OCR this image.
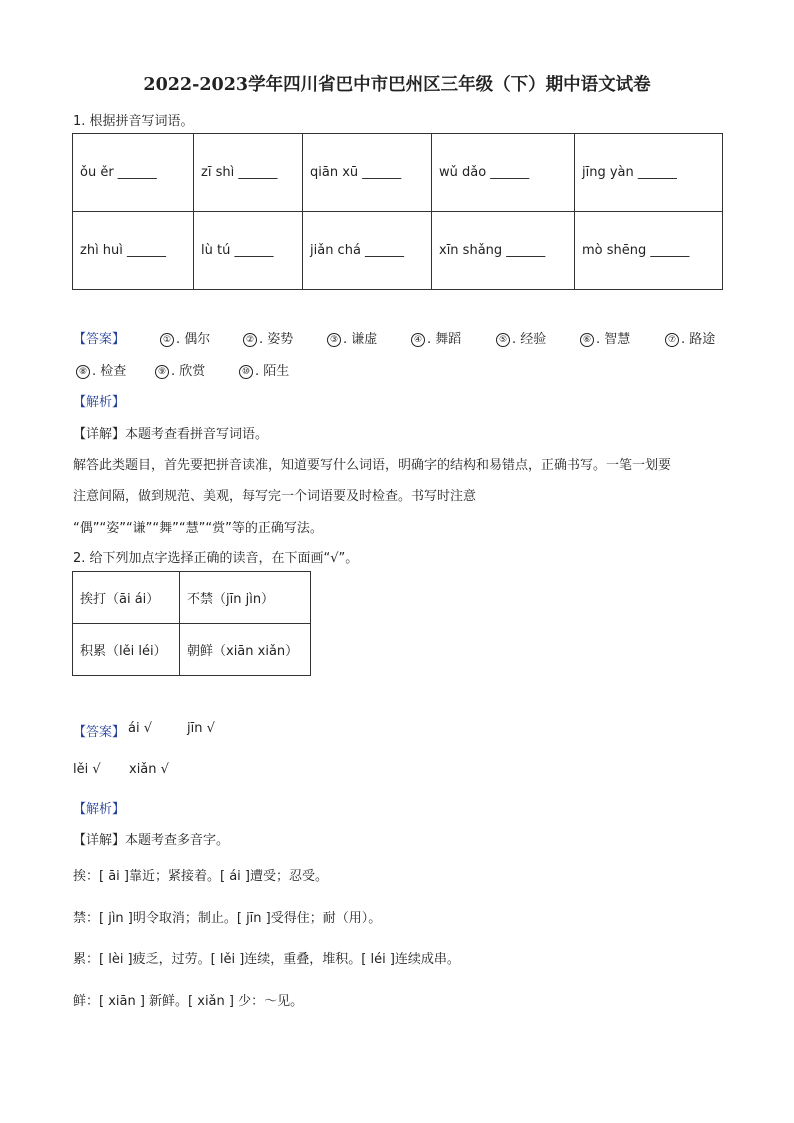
2022-2023学年四川省巴中市巴州区三年级（下）期中语文试卷
1. 根据拼音写词语。
ǒu ěr ______	zī shì ______	qiān xū ______	wǔ dǎo ______	jīng yàn ______
zhì huì ______	lù tú ______	jiǎn chá ______	xīn shǎng ______	mò shēng ______
【答案】	① . 偶尔	② . 姿势	③ . 谦虚	④ . 舞蹈	⑤ . 经验	⑥ . 智慧	⑦ . 路途
⑧ . 检查	⑨ . 欣赏	⑩ . 陌生
【解析】
【详解】本题考查看拼音写词语。
解答此类题目，首先要把拼音读准，知道要写什么词语，明确字的结构和易错点，正确书写。一笔一划要
注意间隔，做到规范、美观，每写完一个词语要及时检查。书写时注意
“偶”“姿”“谦”“舞”“慧”“赏”等的正确写法。
2. 给下列加点字选择正确的读音，在下面画“√”。
挨打（āi ái）	不禁（jīn jìn）
积累（lěi léi）	朝鲜（xiān xiǎn）
【答案】 ái √	jīn √
lěi √ xiǎn √
【解析】
【详解】本题考查多音字。
挨：[ āi ]靠近；紧接着。[ ái ]遭受；忍受。
禁：[ jìn ]明令取消；制止。[ jīn ]受得住；耐（用）。
累：[ lèi ]疲乏，过劳。[ lěi ]连续，重叠，堆积。[ léi ]连续成串。
鲜：[ xiān ] 新鲜。[ xiǎn ] 少：～见。
